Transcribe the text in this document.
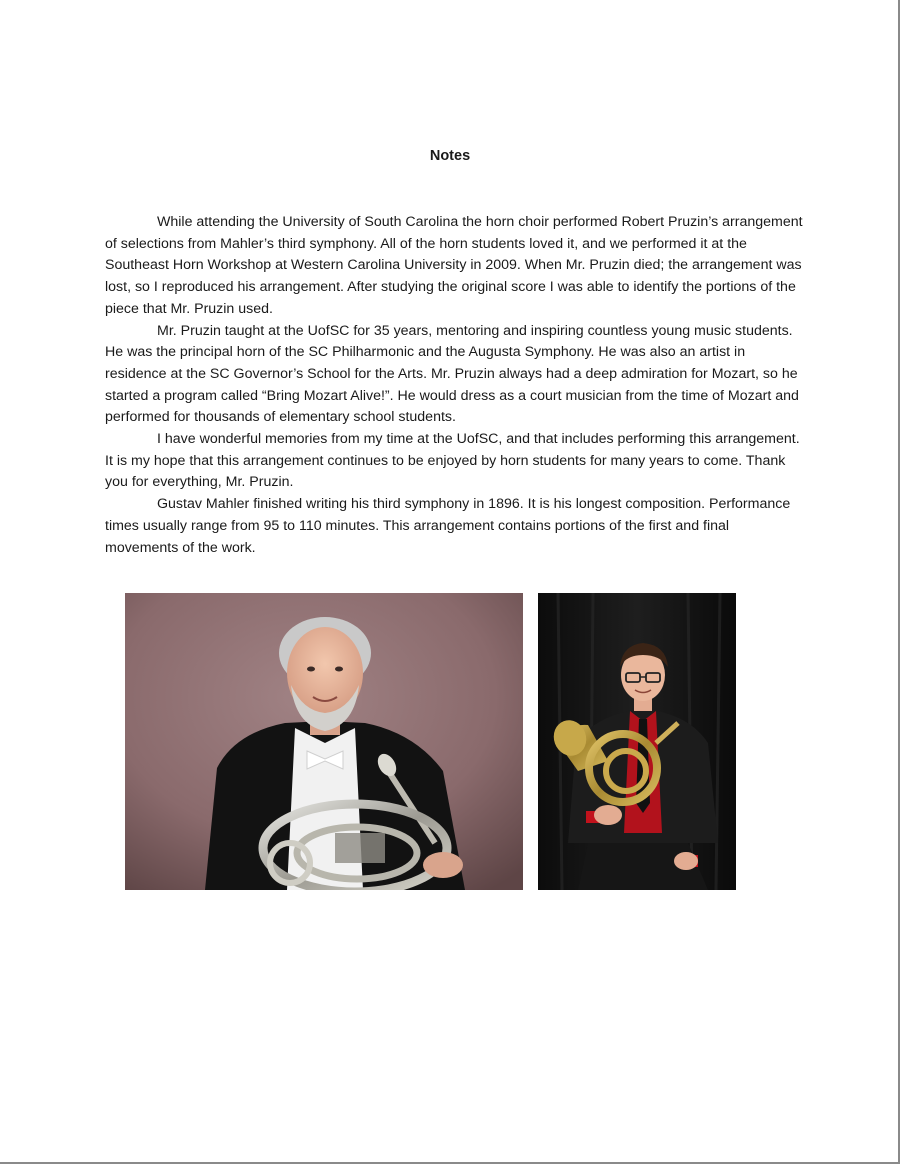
Notes

While attending the University of South Carolina the horn choir performed Robert Pruzin’s arrangement of selections from Mahler’s third symphony. All of the horn students loved it, and we performed it at the Southeast Horn Workshop at Western Carolina University in 2009. When Mr. Pruzin died; the arrangement was lost, so I reproduced his arrangement. After studying the original score I was able to identify the portions of the piece that Mr. Pruzin used.

Mr. Pruzin taught at the UofSC for 35 years, mentoring and inspiring countless young music students. He was the principal horn of the SC Philharmonic and the Augusta Symphony. He was also an artist in residence at the SC Governor’s School for the Arts. Mr. Pruzin always had a deep admiration for Mozart, so he started a program called “Bring Mozart Alive!”. He would dress as a court musician from the time of Mozart and performed for thousands of elementary school students.

I have wonderful memories from my time at the UofSC, and that includes performing this arrangement. It is my hope that this arrangement continues to be enjoyed by horn students for many years to come. Thank you for everything, Mr. Pruzin.

Gustav Mahler finished writing his third symphony in 1896. It is his longest composition. Performance times usually range from 95 to 110 minutes. This arrangement contains portions of the first and final movements of the work.
